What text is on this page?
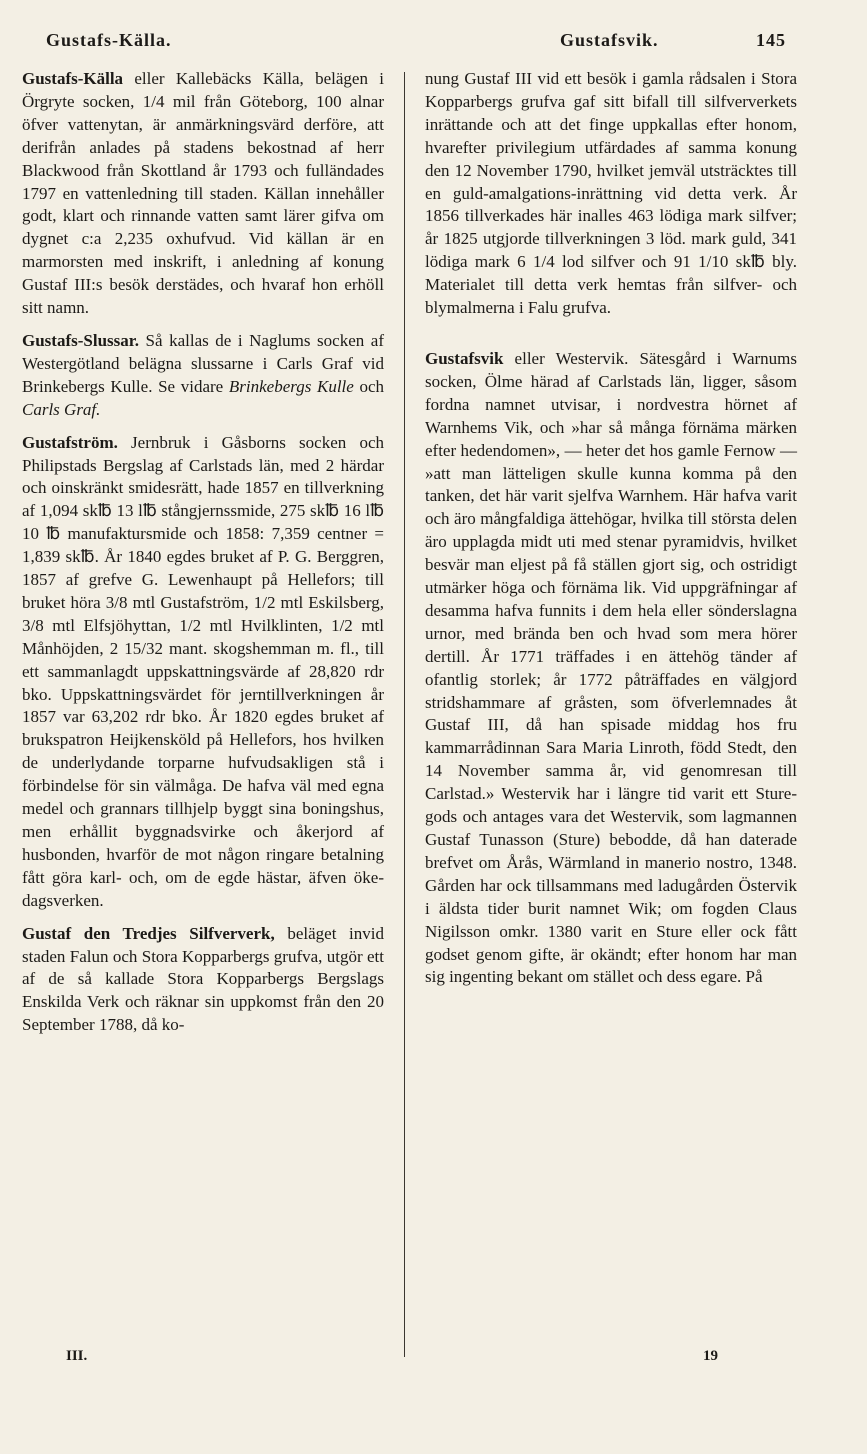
Gustafs-Källa.	Gustafsvik.	145

Gustafs-Källa eller Kallebäcks Källa, belägen i Örgryte socken, 1/4 mil från Göteborg, 100 alnar öfver vattenytan, är anmärkningsvärd derföre, att derifrån anlades på stadens bekostnad af herr Blackwood från Skottland år 1793 och fulländades 1797 en vattenledning till staden. Källan innehåller godt, klart och rinnande vatten samt lärer gifva om dygnet c:a 2,235 oxhufvud. Vid källan är en marmorsten med inskrift, i anledning af konung Gustaf III:s besök derstädes, och hvaraf hon erhöll sitt namn.

Gustafs-Slussar. Så kallas de i Naglums socken af Westergötland belägna slussarne i Carls Graf vid Brinkebergs Kulle. Se vidare Brinkebergs Kulle och Carls Graf.

Gustafström. Jernbruk i Gåsborns socken och Philipstads Bergslag af Carlstads län, med 2 härdar och oinskränkt smidesrätt, hade 1857 en tillverkning af 1,094 sk℔ 13 l℔ stångjernssmide, 275 sk℔ 16 l℔ 10 ℔ manufaktursmide och 1858: 7,359 centner = 1,839 sk℔. År 1840 egdes bruket af P. G. Berggren, 1857 af grefve G. Lewenhaupt på Hellefors; till bruket höra 3/8 mtl Gustafström, 1/2 mtl Eskilsberg, 3/8 mtl Elfsjöhyttan, 1/2 mtl Hvilklinten, 1/2 mtl Månhöjden, 2 15/32 mant. skogshemman m. fl., till ett sammanlagdt uppskattningsvärde af 28,820 rdr bko. Uppskattningsvärdet för jerntillverkningen år 1857 var 63,202 rdr bko. År 1820 egdes bruket af brukspatron Heijkensköld på Hellefors, hos hvilken de underlydande torparne hufvudsakligen stå i förbindelse för sin välmåga. De hafva väl med egna medel och grannars tillhjelp byggt sina boningshus, men erhållit byggnadsvirke och åkerjord af husbonden, hvarför de mot någon ringare betalning fått göra karl- och, om de egde hästar, äfven öke-dagsverken.

Gustaf den Tredjes Silfververk, beläget invid staden Falun och Stora Kopparbergs grufva, utgör ett af de så kallade Stora Kopparbergs Bergslags Enskilda Verk och räknar sin uppkomst från den 20 September 1788, då ko-

nung Gustaf III vid ett besök i gamla rådsalen i Stora Kopparbergs grufva gaf sitt bifall till silfververkets inrättande och att det finge uppkallas efter honom, hvarefter privilegium utfärdades af samma konung den 12 November 1790, hvilket jemväl utsträcktes till en guld-amalgations-inrättning vid detta verk. År 1856 tillverkades här inalles 463 lödiga mark silfver; år 1825 utgjorde tillverkningen 3 löd. mark guld, 341 lödiga mark 6 1/4 lod silfver och 91 1/10 sk℔ bly. Materialet till detta verk hemtas från silfver- och blymalmerna i Falu grufva.

Gustafsvik eller Westervik. Sätesgård i Warnums socken, Ölme härad af Carlstads län, ligger, såsom fordna namnet utvisar, i nordvestra hörnet af Warnhems Vik, och »har så många förnäma märken efter hedendomen», — heter det hos gamle Fernow — »att man lätteligen skulle kunna komma på den tanken, det här varit sjelfva Warnhem. Här hafva varit och äro mångfaldiga ättehögar, hvilka till största delen äro upplagda midt uti med stenar pyramidvis, hvilket besvär man eljest på få ställen gjort sig, och ostridigt utmärker höga och förnäma lik. Vid uppgräfningar af desamma hafva funnits i dem hela eller sönderslagna urnor, med brända ben och hvad som mera hörer dertill. År 1771 träffades i en ättehög tänder af ofantlig storlek; år 1772 påträffades en välgjord stridshammare af gråsten, som öfverlemnades åt Gustaf III, då han spisade middag hos fru kammarrådinnan Sara Maria Linroth, född Stedt, den 14 November samma år, vid genomresan till Carlstad.» Westervik har i längre tid varit ett Sture-gods och antages vara det Westervik, som lagmannen Gustaf Tunasson (Sture) bebodde, då han daterade brefvet om Årås, Wärmland in manerio nostro, 1348. Gården har ock tillsammans med ladugården Östervik i äldsta tider burit namnet Wik; om fogden Claus Nigilsson omkr. 1380 varit en Sture eller ock fått godset genom gifte, är okändt; efter honom har man sig ingenting bekant om stället och dess egare. På

III.	19
